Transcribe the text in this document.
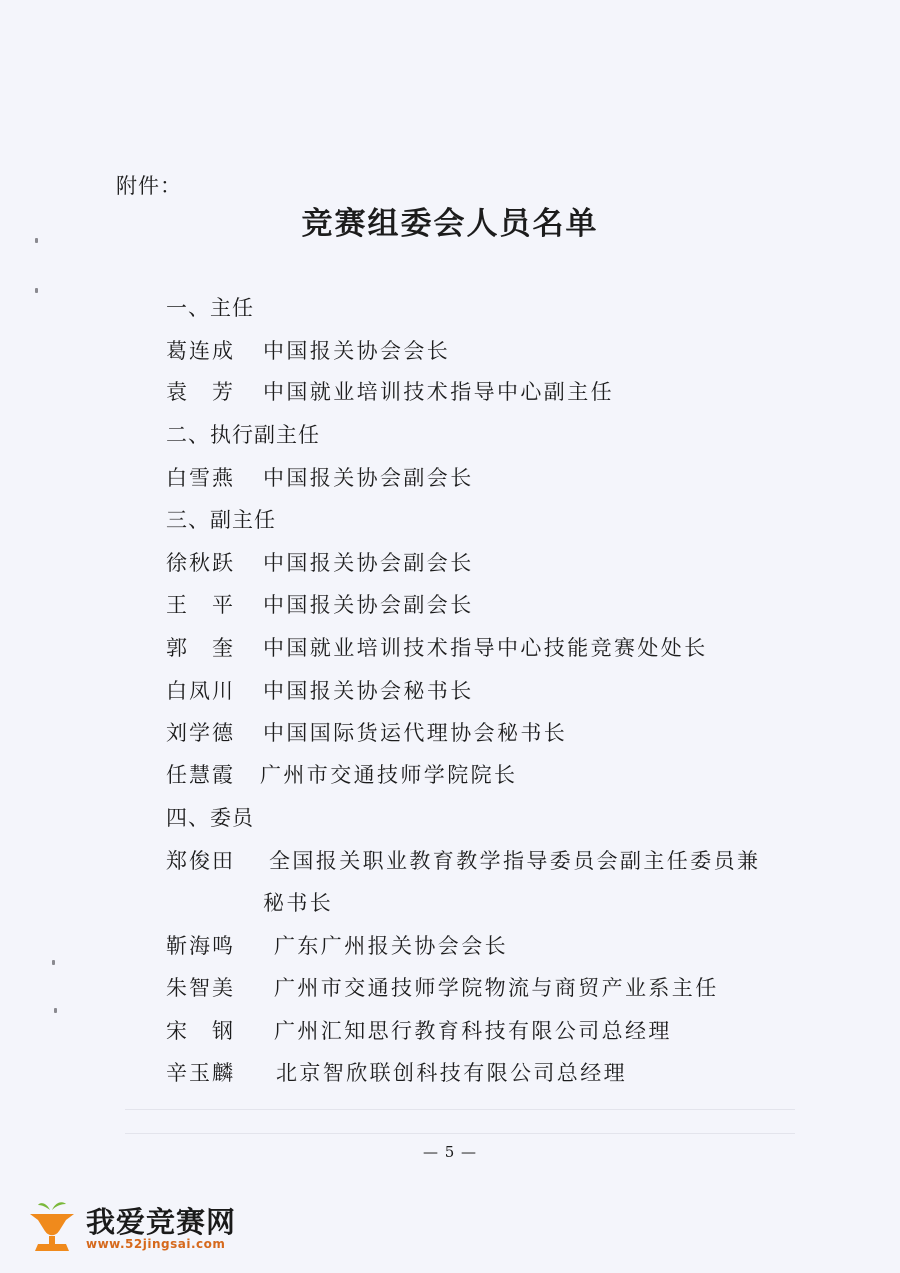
附件：
竞赛组委会人员名单
一、主任
葛连成 中国报关协会会长
袁　芳 中国就业培训技术指导中心副主任
二、执行副主任
白雪燕 中国报关协会副会长
三、副主任
徐秋跃 中国报关协会副会长
王　平 中国报关协会副会长
郭　奎 中国就业培训技术指导中心技能竞赛处处长
白凤川 中国报关协会秘书长
刘学德 中国国际货运代理协会秘书长
任慧霞 广州市交通技师学院院长
四、委员
郑俊田 全国报关职业教育教学指导委员会副主任委员兼
秘书长
靳海鸣 广东广州报关协会会长
朱智美 广州市交通技师学院物流与商贸产业系主任
宋　钢 广州汇知思行教育科技有限公司总经理
辛玉麟 北京智欣联创科技有限公司总经理
— 5 —
我爱竞赛网
www.52jingsai.com
